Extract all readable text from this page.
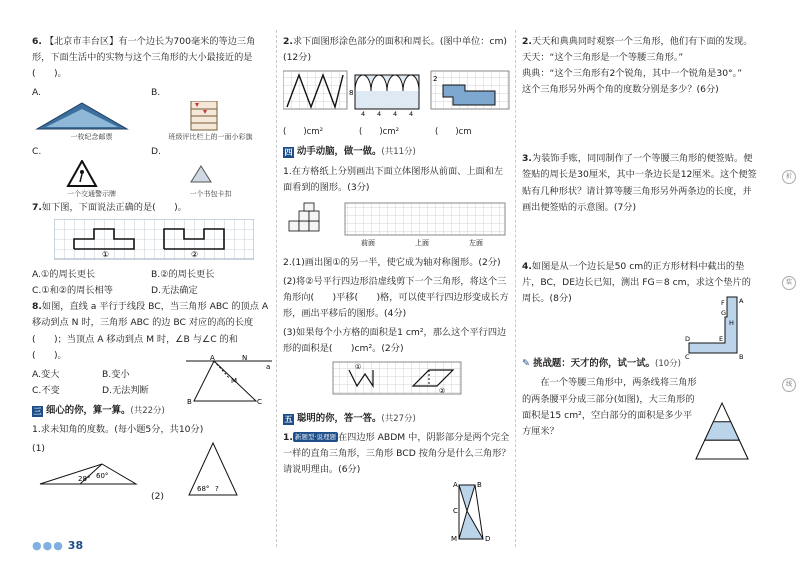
6. 【北京市丰台区】有一个边长为700毫米的等边三角形，下面生活中的实物与这个三角形的大小最接近的是(　　)。
A.
一枚纪念邮票
B.
班级评比栏上的一面小彩旗
C.
一个交通警示牌
D.
一个书包卡扣
7.如下图，下面说法正确的是(　　)。
①	②
A.①的周长更长	B.②的周长更长
C.①和②的周长相等	D.无法确定
8.如图，直线 a 平行于线段 BC，当三角形 ABC 的顶点 A 移动到点 N 时，三角形 ABC 的边 BC 对应的高的长度(　　)；当顶点 A 移动到点 M 时，∠B 与∠C 的和(　　)。
A.变大	B.变小
C.不变	D.无法判断
A	N
M
B	C
a
三 细心的你，算一算。(共22分)
1.求未知角的度数。(每小题5分，共10分)
(1)
28° 60°
(2)
68° ?
2.求下面图形涂色部分的面积和周长。(图中单位：cm)(12分)
8
4 4 4 4
2
(　　)cm²	(　　)cm²	(　　)cm
四 动手动脑，做一做。(共11分)
1.在方格纸上分别画出下面立体图形从前面、上面和左面看到的图形。(3分)
前面	上面	左面
2.(1)画出图①的另一半，使它成为轴对称图形。(2分)
(2)将②号平行四边形沿虚线剪下一个三角形，将这个三角形向(　　)平移(　　)格，可以使平行四边形变成长方形，画出平移后的图形。(4分)
(3)如果每个小方格的面积是1 cm²，那么这个平行四边形的面积是(　　)cm²。(2分)
①
②
五 聪明的你，答一答。(共27分)
1. 新题型·说理题 在四边形 ABDM 中，阴影部分是两个完全一样的直角三角形，三角形 BCD 按角分是什么三角形？请说明理由。(6分)
A	B
C
D
M
2.天天和典典同时观察一个三角形，他们有下面的发现。
天天：“这个三角形是一个等腰三角形。”
典典：“这个三角形有2个锐角，其中一个锐角是30°。”
这个三角形另外两个角的度数分别是多少？(6分)
3.为装饰手账，同同制作了一个等腰三角形的便签贴。便签贴的周长是30厘米，其中一条边长是12厘米。这个便签贴有几种形状？请计算等腰三角形另外两条边的长度，并画出便签贴的示意图。(7分)
4.如图是从一个边长是50 cm的正方形材料中截出的垫片，BC，DE边长已知，测出 FG＝8 cm，求这个垫片的周长。(8分)	F
G
A
B
C
D	E
H
✎ 挑战题：天才的你，试一试。(10分)
在一个等腰三角形中，两条线将三角形的两条腰平分成三部分(如图)，大三角形的面积是15 cm²，空白部分的面积是多少平方厘米？
折
装
线
●●● 38
